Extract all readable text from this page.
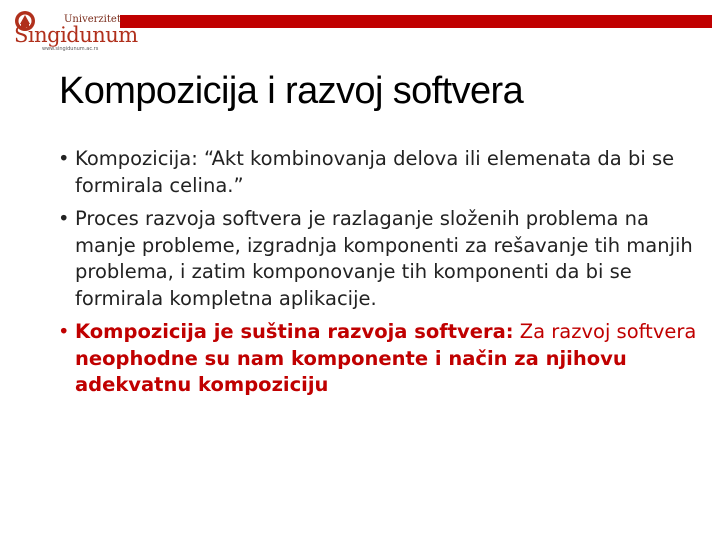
Univerzitet
Singidunum
www.singidunum.ac.rs
Kompozicija i razvoj softvera
• Kompozicija: “Akt kombinovanja delova ili elemenata da bi se formirala celina.”
• Proces razvoja softvera je razlaganje složenih problema na manje probleme, izgradnja komponenti za rešavanje tih manjih problema, i zatim komponovanje tih komponenti da bi se formirala kompletna aplikacije.
• Kompozicija je suština razvoja softvera: Za razvoj softvera neophodne su nam komponente i način za njihovu adekvatnu kompoziciju
